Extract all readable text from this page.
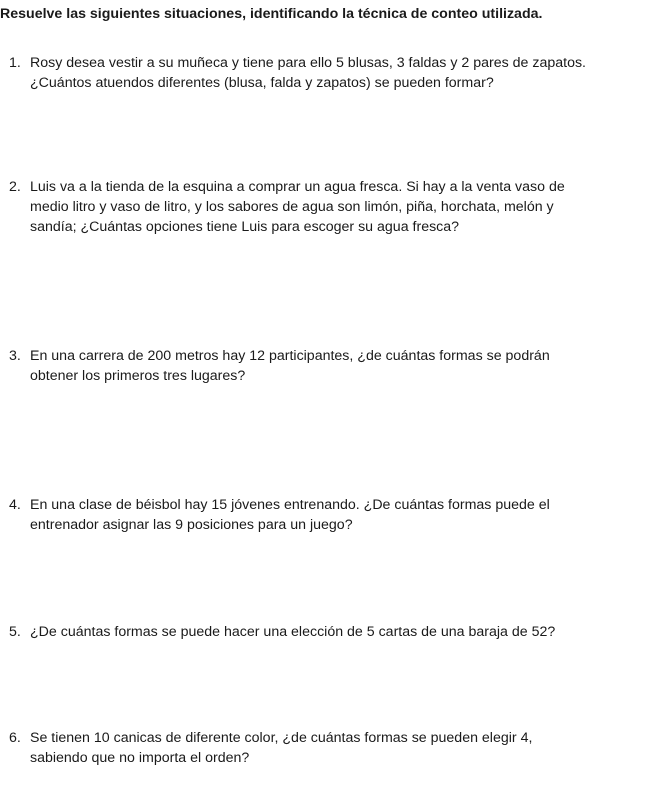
Resuelve las siguientes situaciones, identificando la técnica de conteo utilizada.
1. Rosy desea vestir a su muñeca y tiene para ello 5 blusas, 3 faldas y 2 pares de zapatos.
¿Cuántos atuendos diferentes (blusa, falda y zapatos) se pueden formar?
2. Luis va a la tienda de la esquina a comprar un agua fresca. Si hay a la venta vaso de
medio litro y vaso de litro, y los sabores de agua son limón, piña, horchata, melón y
sandía; ¿Cuántas opciones tiene Luis para escoger su agua fresca?
3. En una carrera de 200 metros hay 12 participantes, ¿de cuántas formas se podrán
obtener los primeros tres lugares?
4. En una clase de béisbol hay 15 jóvenes entrenando. ¿De cuántas formas puede el
entrenador asignar las 9 posiciones para un juego?
5. ¿De cuántas formas se puede hacer una elección de 5 cartas de una baraja de 52?
6. Se tienen 10 canicas de diferente color, ¿de cuántas formas se pueden elegir 4,
sabiendo que no importa el orden?
